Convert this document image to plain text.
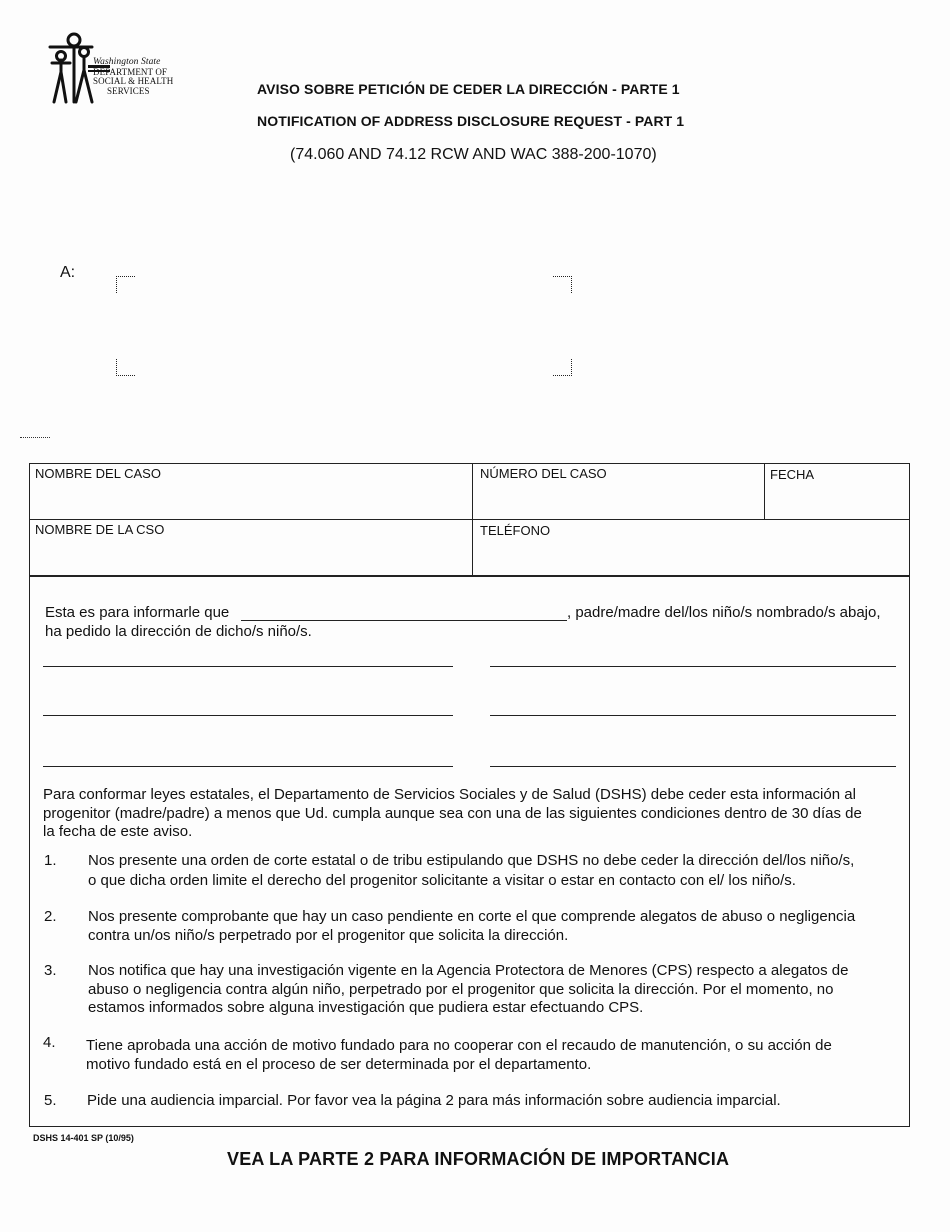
Washington State
DEPARTMENT OF
SOCIAL & HEALTH
SERVICES	AVISO SOBRE PETICIÓN DE CEDER LA DIRECCIÓN - PARTE 1
NOTIFICATION OF ADDRESS DISCLOSURE REQUEST - PART 1
(74.060 AND 74.12 RCW AND WAC 388-200-1070)
A:
NOMBRE DEL CASO	NÚMERO DEL CASO	FECHA
NOMBRE DE LA CSO	TELÉFONO
Esta es para informarle que	, padre/madre del/los niño/s nombrado/s abajo,
ha pedido la dirección de dicho/s niño/s.
Para conformar leyes estatales, el Departamento de Servicios Sociales y de Salud (DSHS) debe ceder esta información al
progenitor (madre/padre) a menos que Ud. cumpla aunque sea con una de las siguientes condiciones dentro de 30 días de
la fecha de este aviso.
1. Nos presente una orden de corte estatal o de tribu estipulando que DSHS no debe ceder la dirección del/los niño/s,
o que dicha orden limite el derecho del progenitor solicitante a visitar o estar en contacto con el/ los niño/s.
2. Nos presente comprobante que hay un caso pendiente en corte el que comprende alegatos de abuso o negligencia
contra un/os niño/s perpetrado por el progenitor que solicita la dirección.
3. Nos notifica que hay una investigación vigente en la Agencia Protectora de Menores (CPS) respecto a alegatos de
abuso o negligencia contra algún niño, perpetrado por el progenitor que solicita la dirección. Por el momento, no
estamos informados sobre alguna investigación que pudiera estar efectuando CPS.
4. Tiene aprobada una acción de motivo fundado para no cooperar con el recaudo de manutención, o su acción de
motivo fundado está en el proceso de ser determinada por el departamento.
5. Pide una audiencia imparcial. Por favor vea la página 2 para más información sobre audiencia imparcial.
DSHS 14-401 SP (10/95)
VEA LA PARTE 2 PARA INFORMACIÓN DE IMPORTANCIA
